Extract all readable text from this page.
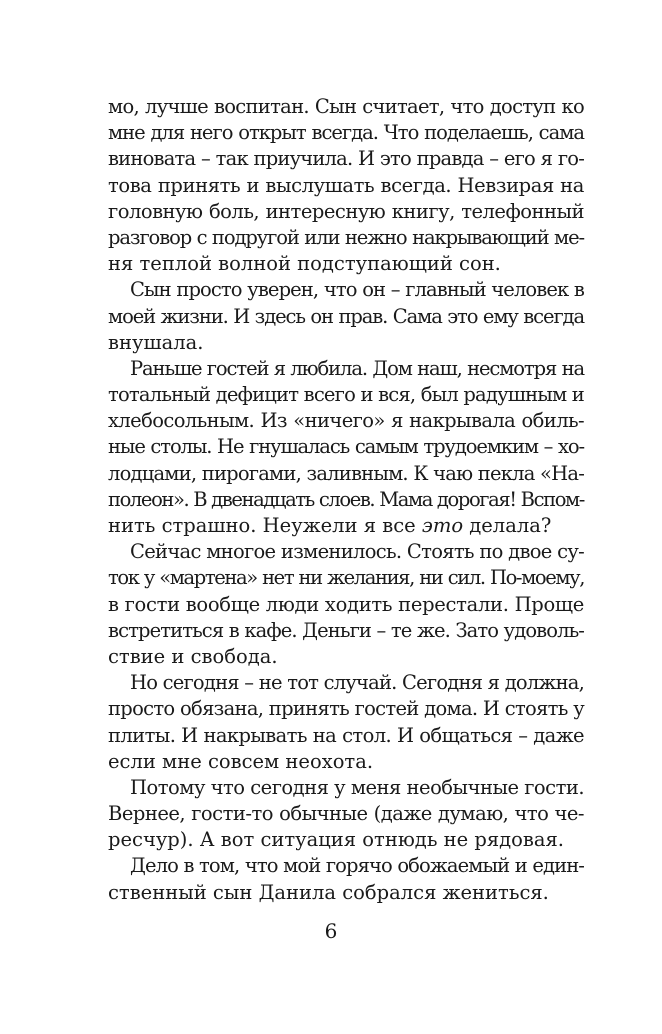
мо, лучше воспитан. Сын считает, что доступ ко
мне для него открыт всегда. Что поделаешь, сама
виновата – так приучила. И это правда – его я го-
това принять и выслушать всегда. Невзирая на
головную боль, интересную книгу, телефонный
разговор с подругой или нежно накрывающий ме-
ня теплой волной подступающий сон.
Сын просто уверен, что он – главный человек в
моей жизни. И здесь он прав. Сама это ему всегда
внушала.
Раньше гостей я любила. Дом наш, несмотря на
тотальный дефицит всего и вся, был радушным и
хлебосольным. Из «ничего» я накрывала обиль-
ные столы. Не гнушалась самым трудоемким – хо-
лодцами, пирогами, заливным. К чаю пекла «На-
полеон». В двенадцать слоев. Мама дорогая! Вспом-
нить страшно. Неужели я все это делала?
Сейчас многое изменилось. Стоять по двое су-
ток у «мартена» нет ни желания, ни сил. По-моему,
в гости вообще люди ходить перестали. Проще
встретиться в кафе. Деньги – те же. Зато удоволь-
ствие и свобода.
Но сегодня – не тот случай. Сегодня я должна,
просто обязана, принять гостей дома. И стоять у
плиты. И накрывать на стол. И общаться – даже
если мне совсем неохота.
Потому что сегодня у меня необычные гости.
Вернее, гости-то обычные (даже думаю, что че-
ресчур). А вот ситуация отнюдь не рядовая.
Дело в том, что мой горячо обожаемый и един-
ственный сын Данила собрался жениться.
6
